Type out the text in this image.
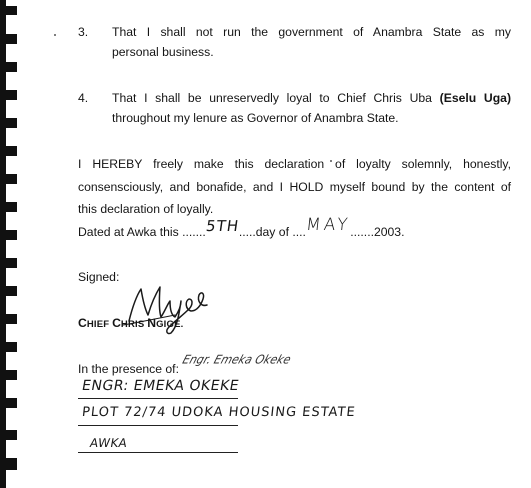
3. That I shall not run the government of Anambra State as my
personal business.
4. That I shall be unreservedly loyal to Chief Chris Uba (Eselu Uga)
throughout my lenure as Governor of Anambra State.
I HEREBY freely make this declaration of loyalty solemnly, honestly,
consensciously, and bonafide, and I HOLD myself bound by the content of
this declaration of loyally.
Dated at Awka this .......5TH.....day of ....MAY.......2003.
Signed:
CHIEF CHRIS NGIGE.
In the presence of:
Engr. Emeka Okeke
ENGR: EMEKA OKEKE
PLOT 72/74 UDOKA HOUSING ESTATE
AWKA
